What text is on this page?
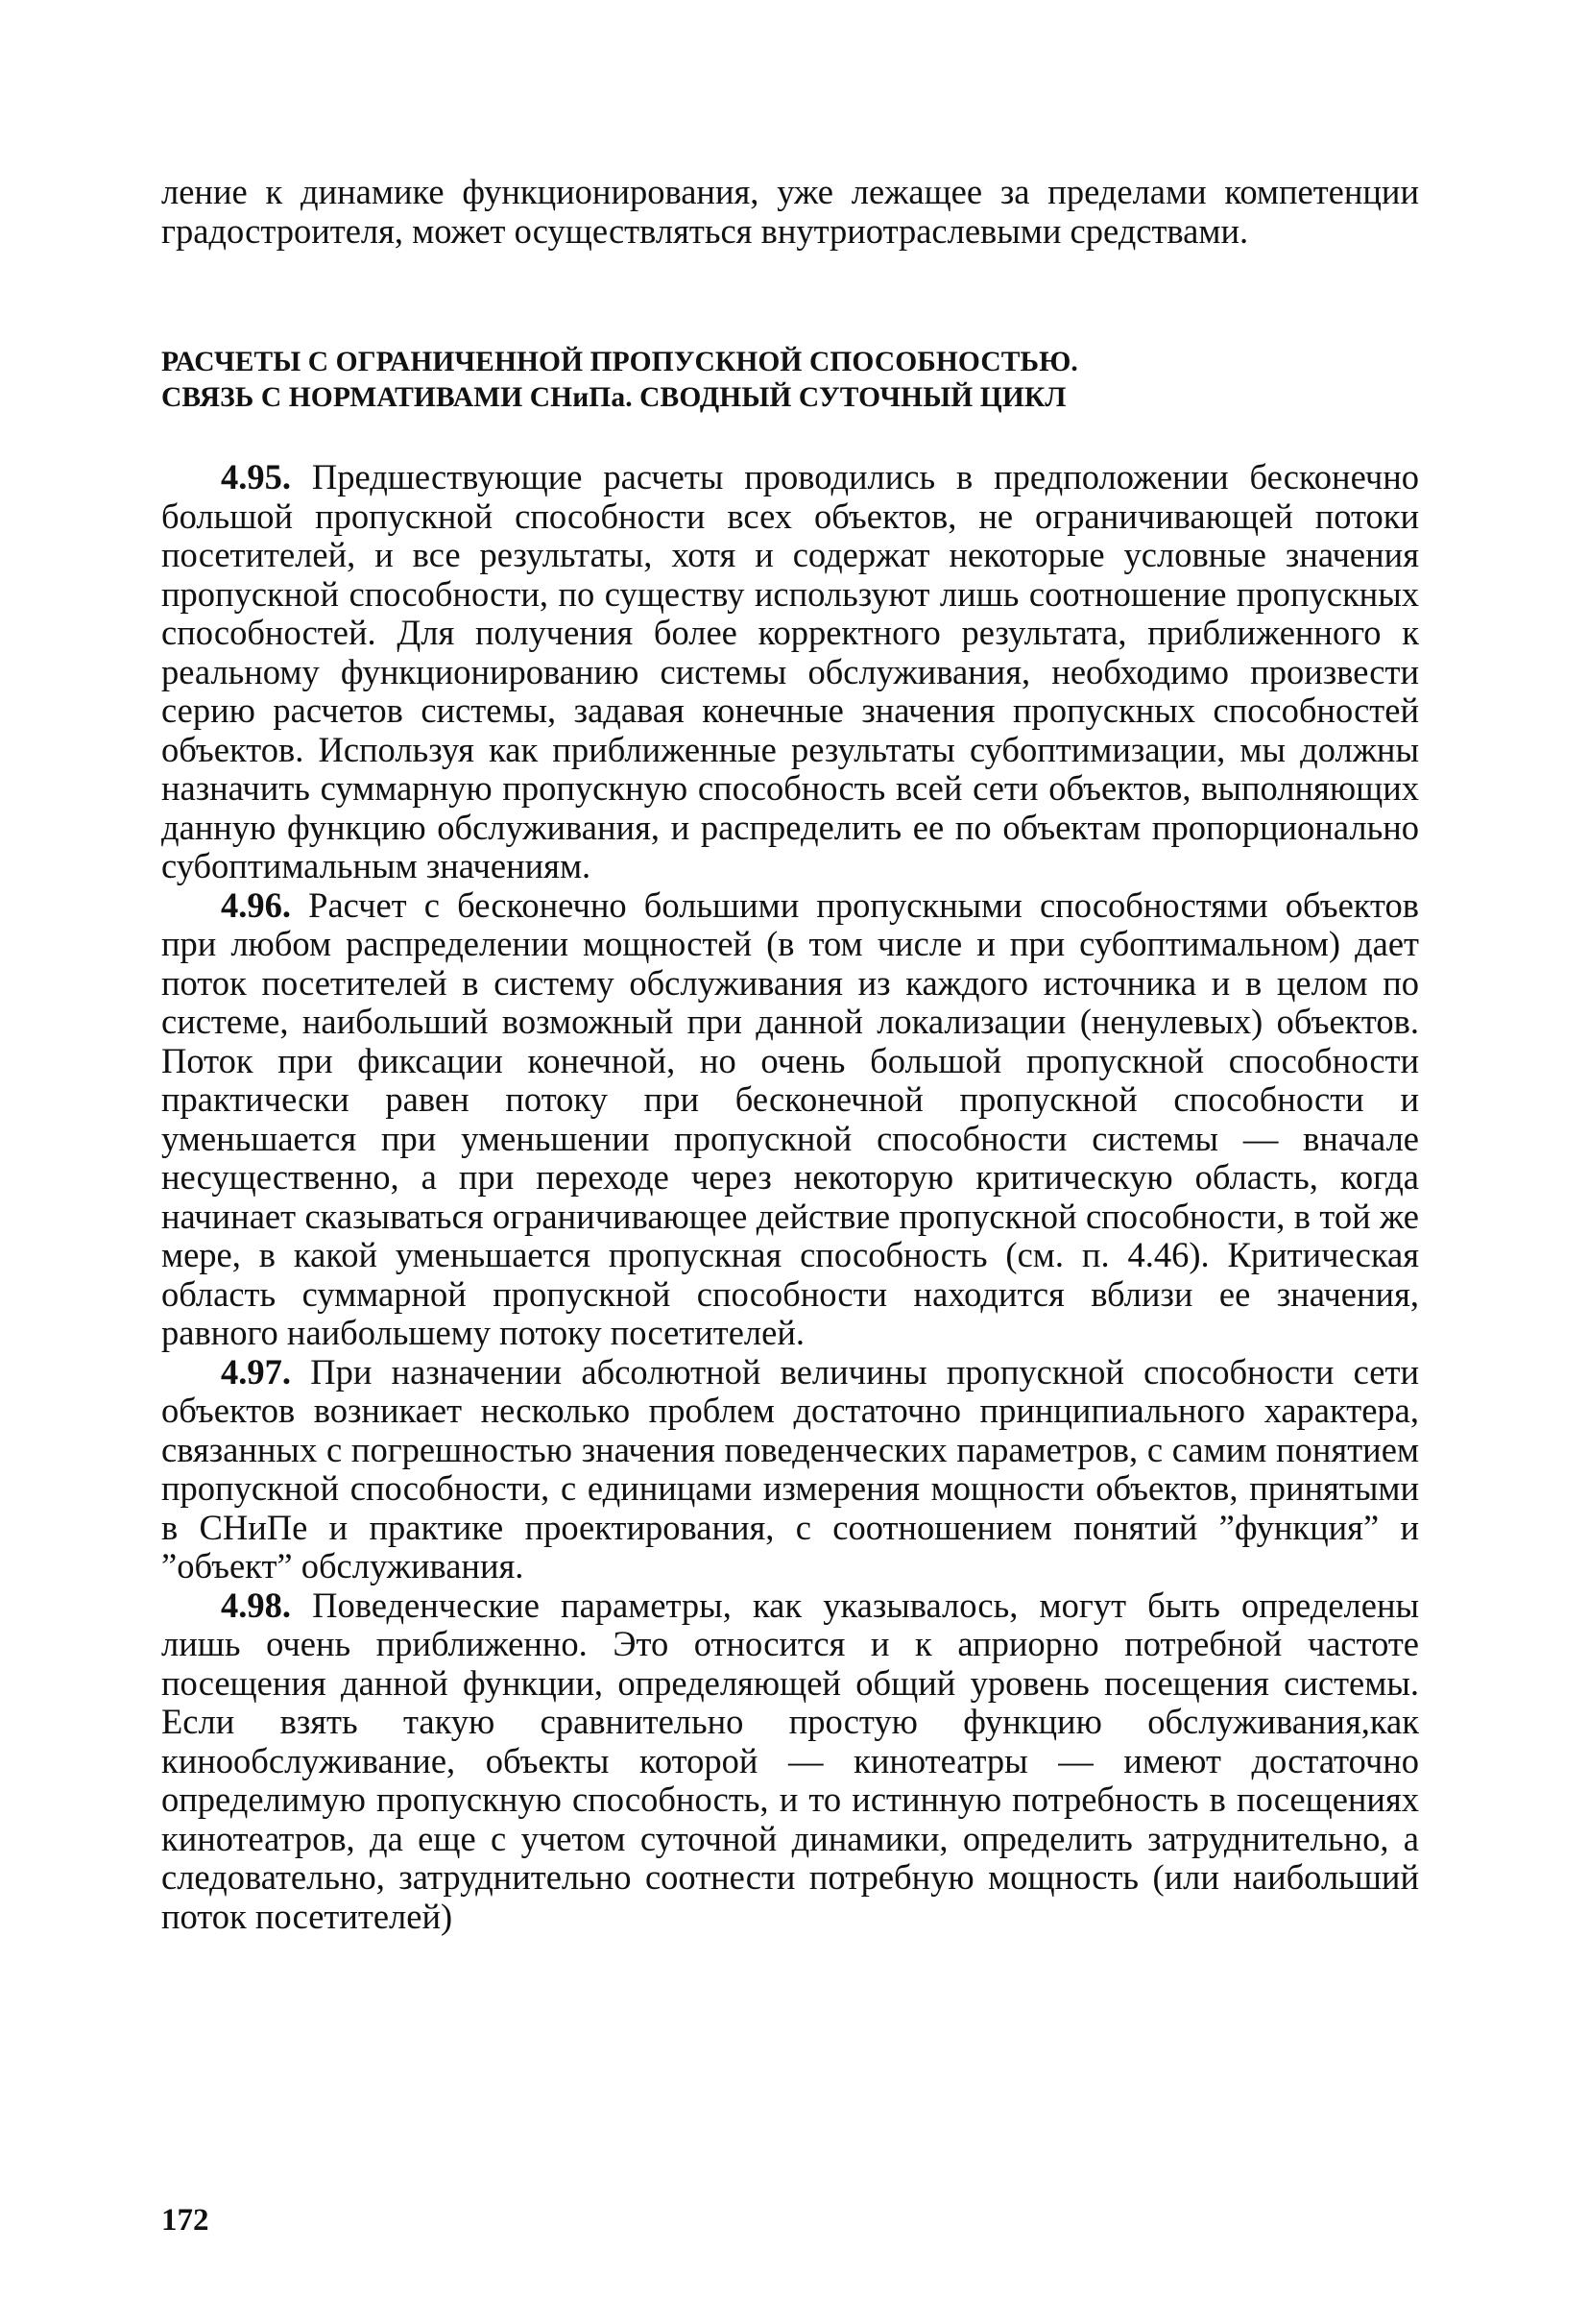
ление к динамике функционирования, уже лежащее за пределами компетенции градостроителя, может осуществляться внутриотраслевыми средствами.

РАСЧЕТЫ С ОГРАНИЧЕННОЙ ПРОПУСКНОЙ СПОСОБНОСТЬЮ.
СВЯЗЬ С НОРМАТИВАМИ СНиПа. СВОДНЫЙ СУТОЧНЫЙ ЦИКЛ

4.95. Предшествующие расчеты проводились в предположении бесконечно большой пропускной способности всех объектов, не ограничивающей потоки посетителей, и все результаты, хотя и содержат некоторые условные значения пропускной способности, по существу используют лишь соотношение пропускных способностей. Для получения более корректного результата, приближенного к реальному функционированию системы обслуживания, необходимо произвести серию расчетов системы, задавая конечные значения пропускных способностей объектов. Используя как приближенные результаты субоптимизации, мы должны назначить суммарную пропускную способность всей сети объектов, выполняющих данную функцию обслуживания, и распределить ее по объектам пропорционально субоптимальным значениям.

4.96. Расчет с бесконечно большими пропускными способностями объектов при любом распределении мощностей (в том числе и при субоптимальном) дает поток посетителей в систему обслуживания из каждого источника и в целом по системе, наибольший возможный при данной локализации (ненулевых) объектов. Поток при фиксации конечной, но очень большой пропускной способности практически равен потоку при бесконечной пропускной способности и уменьшается при уменьшении пропускной способности системы — вначале несущественно, а при переходе через некоторую критическую область, когда начинает сказываться ограничивающее действие пропускной способности, в той же мере, в какой уменьшается пропускная способность (см. п. 4.46). Критическая область суммарной пропускной способности находится вблизи ее значения, равного наибольшему потоку посетителей.

4.97. При назначении абсолютной величины пропускной способности сети объектов возникает несколько проблем достаточно принципиального характера, связанных с погрешностью значения поведенческих параметров, с самим понятием пропускной способности, с единицами измерения мощности объектов, принятыми в СНиПе и практике проектирования, с соотношением понятий ”функция” и ”объект” обслуживания.

4.98. Поведенческие параметры, как указывалось, могут быть определены лишь очень приближенно. Это относится и к априорно потребной частоте посещения данной функции, определяющей общий уровень посещения системы. Если взять такую сравнительно простую функцию обслуживания,как кинообслуживание, объекты которой — кинотеатры — имеют достаточно определимую пропускную способность, и то истинную потребность в посещениях кинотеатров, да еще с учетом суточной динамики, определить затруднительно, а следовательно, затруднительно соотнести потребную мощность (или наибольший поток посетителей)

172
